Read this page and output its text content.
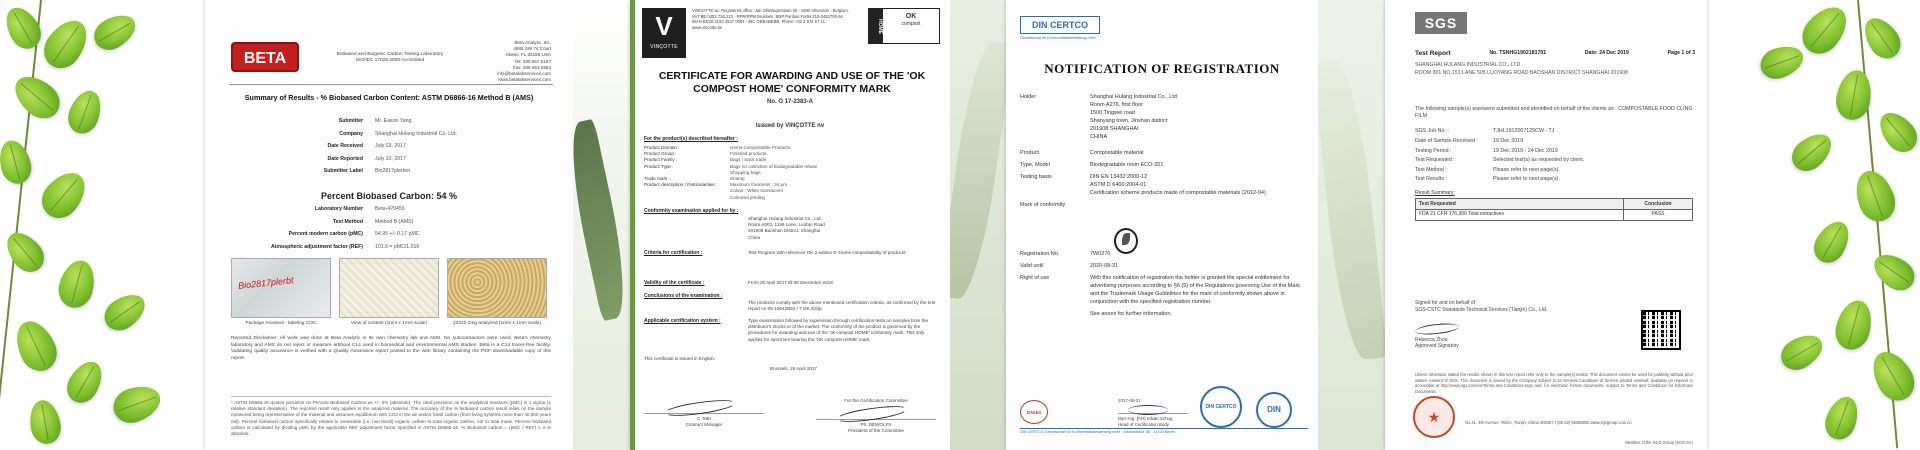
BETA	Biobased and Biogenic Carbon Testing Laboratory
ISO/IEC 17025:2005-Accredited
Beta Analytic, Inc.
4985 SW 74 Court
Miami, FL 33155 USA
Tel: 305 667 5167
Fax: 305 663 0964
info@betalabservices.com
www.betalabservices.com
Summary of Results - % Biobased Carbon Content: ASTM D6866-16 Method B (AMS)
Submitter	Mr. Eason Yang
Company	Shanghai Hulang Industrial Co. Ltd.
Date Received	July 03, 2017
Date Reported	July 10, 2017
Submitter Label	Bio2817plerbot
Percent Biobased Carbon: 54 %
Laboratory Number	Beta-470456
Test Method	Method B (AMS)
Percent modern carbon (pMC)	54.95 +/- 0.17 pMC
Atmospheric adjustment factor (REF)	101.6 = pMC/1.016
Bio2817plerbt
Package received - labeling COC	View of content (1mm x 1mm scale)	23222 1mg analyzed (1mm x 1mm scale)
Reported Disclaimer: All work was done at Beta Analytic in its own chemistry lab and AMS. No subcontractors were used. Beta's chemistry laboratory and AMS do not reject or measure artificial C14 used in biomedical and environmental AMS studies. Beta is a C14 tracer-free facility. Validating quality assurance is verified with a Quality Assurance report posted to the web library containing the PDF downloadable copy of this report.
* ASTM D6866-16 quotes precision on Percent Biobased Carbon as +/- 3% (absolute). The cited precision on the analytical measure (pMC) is 1 sigma (1 relative standard deviation). The reported result only applies to the analyzed material. The accuracy of the % biobased carbon result relies on the sample measured being representative of the material and assumes equilibrium with CO2 in the air and/or fossil carbon (from living systems more than 40,000 years old). Percent biobased carbon specifically relates to renewable (i.e. non-fossil) organic carbon to total organic carbon, not to total mass. Percent biobased carbon is calculated by dividing pMC by the applicable REF adjustment factor specified in ASTM D6866-16. % Biobased carbon = (pMC / REF) x 3 % absolute.
V
VINÇOTTE
VINCOTTE sa. Registered office: Jan Olieslagerslaan 35 - 1800 Vilvoorde - Belgium. VAT BE 0402.726.223 - RPR/RPM Brussels. BNP Paribas Fortis 210-0452700-94. IBAN BE28 2100 4527 0094 - BIC GEBABEBB. Phone +32 2 674 57 11. www.vincotte.be	HOME
OK
compost
CERTIFICATE FOR AWARDING AND USE OF THE 'OK COMPOST HOME' CONFORMITY MARK
No. O 17-2383-A
Issued by VINÇOTTE nv
For the product(s) described hereafter :
Product Domain :	Home Compostable Products
Product Group :	Finished products
Product Family :	Bags / Sack trade
Product Type :	Bags for collection of biodegradable refuse
Shopping bags
Trade mark :	Shamp
Product description / Particularities :	Maximum thickness : 34 µm
Colour : White translucent
Coloured printing
Conformity examination applied for by :
Shanghai Hulang Industrial Co., Ltd.
Room A603, 1199 Lane, Luofan Road
201908 Baoshan District, Shanghai
China
Criteria for certification :	Test Program with reference OK 2 edition D 'Home compostability of products'
Validity of the certificate :	From 26 April 2017 till 06 December 2018
Conclusions of the examination :
The products comply with the above mentioned certification criteria, as confirmed by the test report no 05-10642B82 / 7 OK 2(0)p.
Applicable certification system :	Type examination followed by supervision through certification tests on samples from the distributor's stocks or of the market. The conformity of the product is governed by the procedures for awarding and use of the 'ok compost HOME' conformity mark. This only applies for specimen bearing the 'OK compost HOME' mark.
This certificate is issued in English.
Brussels, 26 April 2017
C. MEI
Contract Manager
For the Certification Committee
Ph. DEWOLFS
President of the Committee
DIN CERTCO
Gesellschaft für Konformitätsbewertung mbH
NOTIFICATION OF REGISTRATION
Holder	Shanghai Hulang Industrial Co., Ltd.
Room A276, first floor
1500 Tingwei road
Shanyang town, Jinshan district
201908 SHANGHAI
CHINA
Product	Compostable material
Type, Model	Biodegradable resin ECO-201
Testing basis	DIN EN 13432:2000-12
ASTM D 6400:2004-01
Certification scheme products made of compostable materials (2012-04)
Mark of conformity
Registration No.	7W0270
Valid until	2020-08-31
Right of use	With this notification of registration the holder is granted the special entitlement for advertising purposes according to §6 (5) of the Regulations governing Use of the Mark and the Trademark Usage Guidelines for the mark of conformity shown above in conjunction with the specified registration number.
See annex for further information.
DAkkS
2017-08-31
Dipl.-Ing. (FH) Silvan Schug
Head of Certification Body
DIN CERTCO	DIN
DIN CERTCO Gesellschaft für Konformitätsbewertung mbH · Alboinstraße 56 · 12103 Berlin
SGS
Test Report	No. TSNHG1902181701	Date: 24 Dec 2019	Page 1 of 3
SHANGHAI HULANG INDUSTRIAL CO., LTD
ROOM 301 NO.151 LANE 505 LUOYANG ROAD BAOSHAN DISTRICT SHANGHAI 201908
The following sample(s) was/were submitted and identified on behalf of the clients as : COMPOSTABLE FOOD CLING FILM
SGS Job No. :	TJHL1912007129CW - TJ
Date of Sample Received :	19 Dec 2019
Testing Period :	19 Dec 2019 - 24 Dec 2019
Test Requested :	Selected test(s) as requested by client.
Test Method :	Please refer to next page(s).
Test Results :	Please refer to next page(s).
Result Summary:
Test Requested	Conclusion
FDA 21 CFR 176.300 Total extractives	PASS
Signed for and on behalf of
SGS-CSTC Standards Technical Services (Tianjin) Co., Ltd.
Rebecca Zhou
Approved Signatory
Unless otherwise stated the results shown in this test report refer only to the sample(s) tested. This document cannot be used for publicity without prior written consent of SGS. This document is issued by the Company subject to its General Conditions of Service printed overleaf, available on request or accessible at http://www.sgs.com/en/Terms-and-Conditions.aspx and, for electronic format documents, subject to Terms and Conditions for Electronic Documents.
★
No.41, 4th Avenue, TEDA, Tianjin, China 300457 t (86-22) 65288000 www.sgsgroup.com.cn
Member of the SGS Group (SGS SA)
